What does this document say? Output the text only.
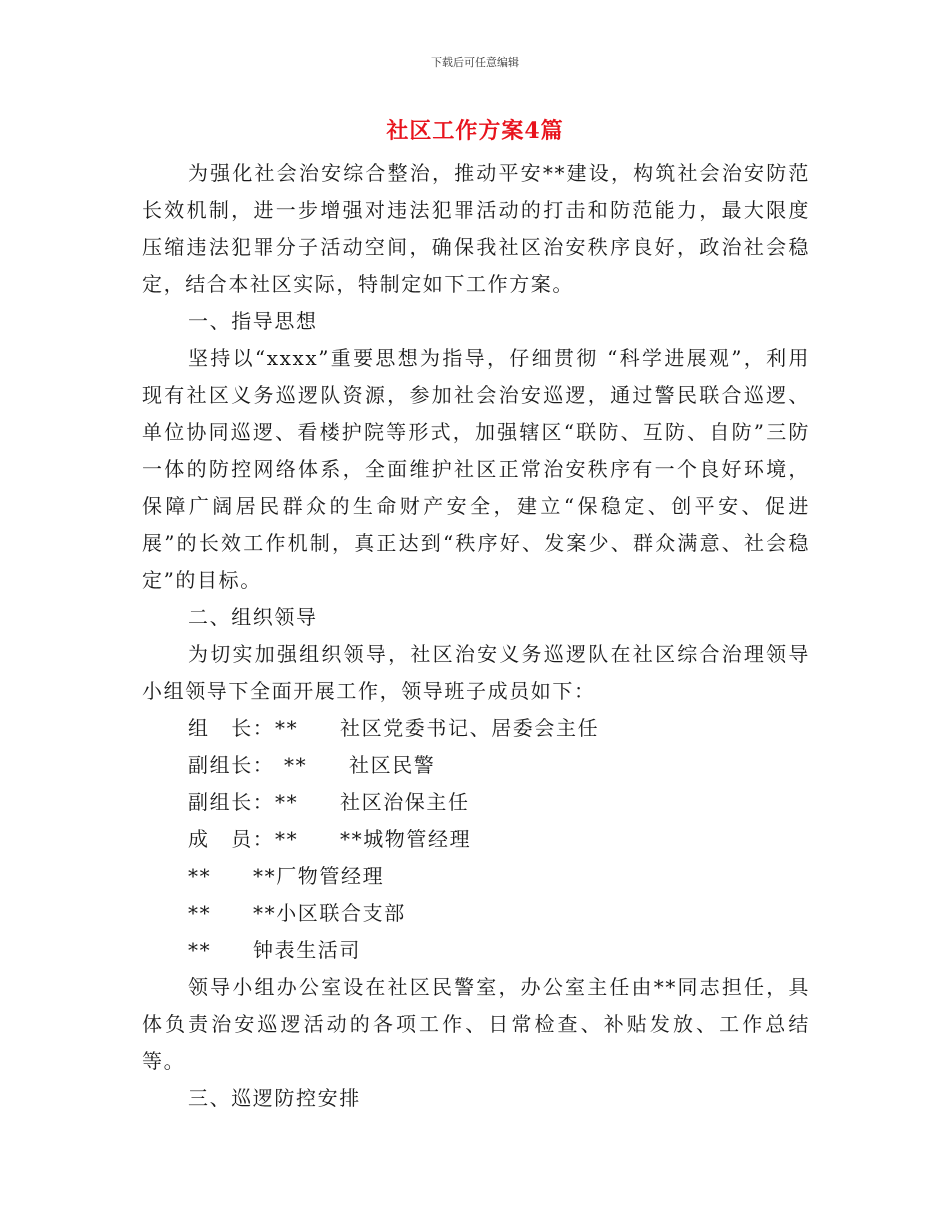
下载后可任意编辑
社区工作方案4篇

为强化社会治安综合整治，推动平安**建设，构筑社会治安防范长效机制，进一步增强对违法犯罪活动的打击和防范能力，最大限度压缩违法犯罪分子活动空间，确保我社区治安秩序良好，政治社会稳定，结合本社区实际，特制定如下工作方案。

一、指导思想

坚持以“xxxx”重要思想为指导，仔细贯彻 “科学进展观”，利用现有社区义务巡逻队资源，参加社会治安巡逻，通过警民联合巡逻、单位协同巡逻、看楼护院等形式，加强辖区“联防、互防、自防”三防一体的防控网络体系，全面维护社区正常治安秩序有一个良好环境，保障广阔居民群众的生命财产安全，建立“保稳定、创平安、促进展”的长效工作机制，真正达到“秩序好、发案少、群众满意、社会稳定”的目标。

二、组织领导

为切实加强组织领导，社区治安义务巡逻队在社区综合治理领导小组领导下全面开展工作，领导班子成员如下：

组　长： **	社区党委书记、居委会主任
副组长： **	社区民警
副组长： **	社区治保主任
成　员： **	**城物管经理
**	**厂物管经理
**	**小区联合支部
**	钟表生活司

领导小组办公室设在社区民警室，办公室主任由**同志担任，具体负责治安巡逻活动的各项工作、日常检查、补贴发放、工作总结等。

三、巡逻防控安排
